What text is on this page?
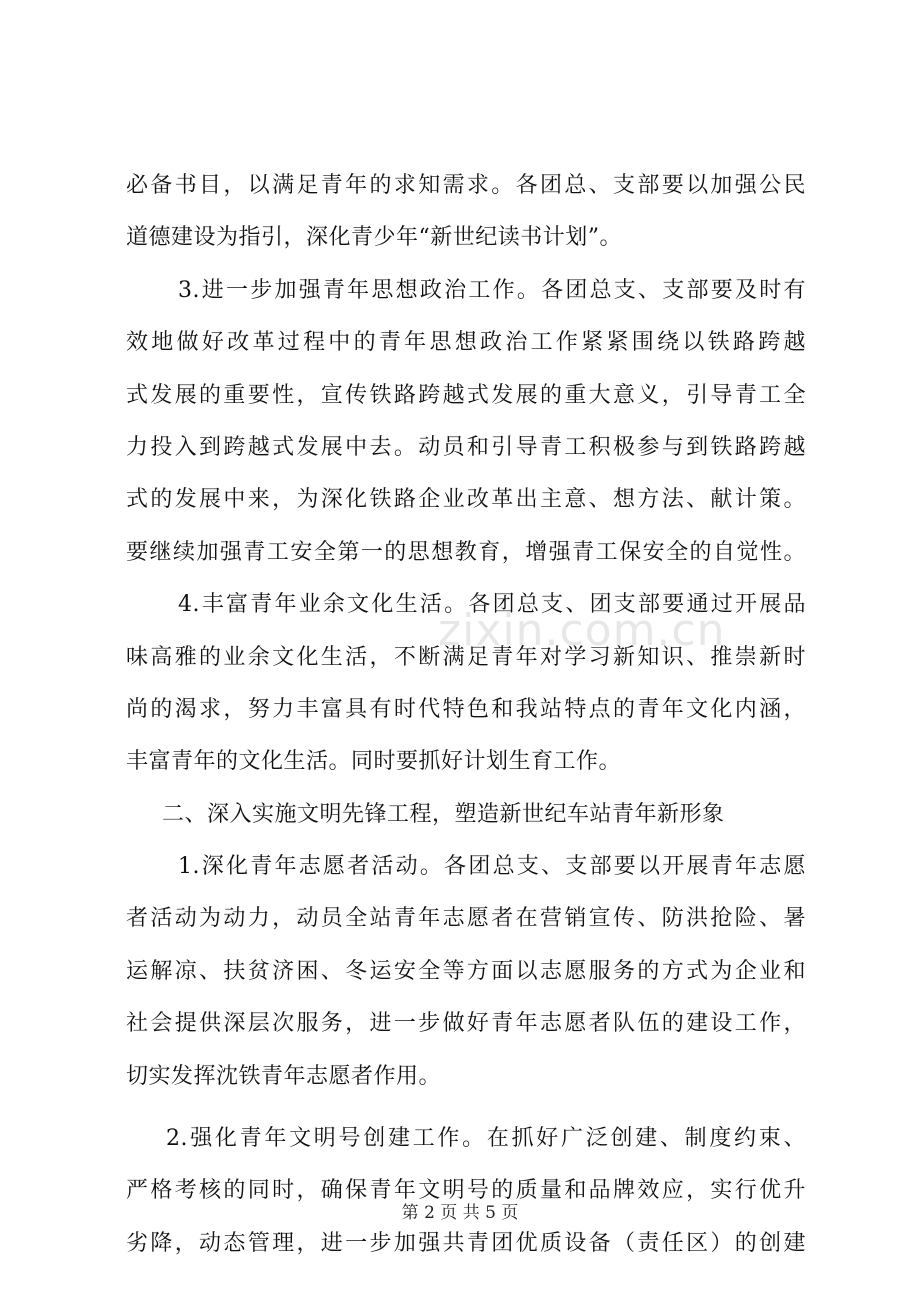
必备书目，以满足青年的求知需求。各团总、支部要以加强公民
道德建设为指引，深化青少年“新世纪读书计划”。
3.进一步加强青年思想政治工作。各团总支、支部要及时有
效地做好改革过程中的青年思想政治工作紧紧围绕以铁路跨越
式发展的重要性，宣传铁路跨越式发展的重大意义，引导青工全
力投入到跨越式发展中去。动员和引导青工积极参与到铁路跨越
式的发展中来，为深化铁路企业改革出主意、想方法、献计策。
要继续加强青工安全第一的思想教育，增强青工保安全的自觉性。
4.丰富青年业余文化生活。各团总支、团支部要通过开展品
味高雅的业余文化生活，不断满足青年对学习新知识、推崇新时
尚的渴求，努力丰富具有时代特色和我站特点的青年文化内涵，
丰富青年的文化生活。同时要抓好计划生育工作。
二、深入实施文明先锋工程，塑造新世纪车站青年新形象
1.深化青年志愿者活动。各团总支、支部要以开展青年志愿
者活动为动力，动员全站青年志愿者在营销宣传、防洪抢险、暑
运解凉、扶贫济困、冬运安全等方面以志愿服务的方式为企业和
社会提供深层次服务，进一步做好青年志愿者队伍的建设工作，
切实发挥沈铁青年志愿者作用。
2.强化青年文明号创建工作。在抓好广泛创建、制度约束、
严格考核的同时，确保青年文明号的质量和品牌效应，实行优升
劣降，动态管理，进一步加强共青团优质设备（责任区）的创建
zixin.com.cn
第 2 页 共 5 页
